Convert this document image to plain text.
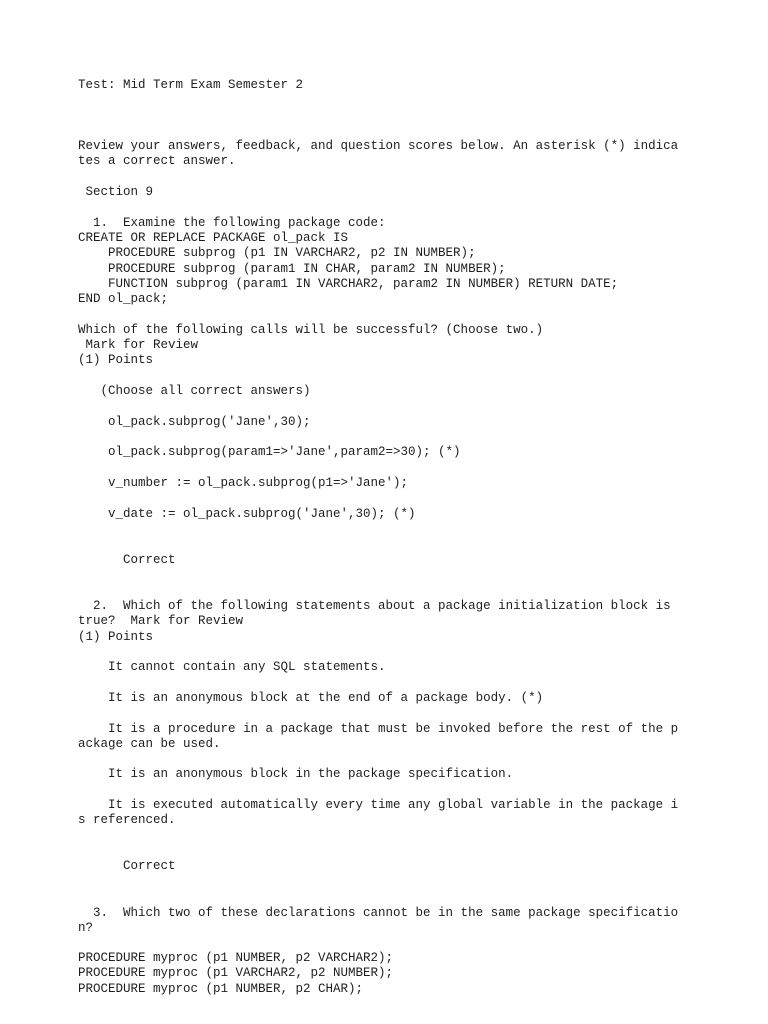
Test: Mid Term Exam Semester 2
Review your answers, feedback, and question scores below. An asterisk (*) indica
tes a correct answer.
Section 9
1.  Examine the following package code:
CREATE OR REPLACE PACKAGE ol_pack IS
PROCEDURE subprog (p1 IN VARCHAR2, p2 IN NUMBER);
PROCEDURE subprog (param1 IN CHAR, param2 IN NUMBER);
FUNCTION subprog (param1 IN VARCHAR2, param2 IN NUMBER) RETURN DATE;
END ol_pack;
Which of the following calls will be successful? (Choose two.)
Mark for Review
(1) Points
(Choose all correct answers)
ol_pack.subprog('Jane',30);
ol_pack.subprog(param1=>'Jane',param2=>30); (*)
v_number := ol_pack.subprog(p1=>'Jane');
v_date := ol_pack.subprog('Jane',30); (*)
Correct
2.  Which of the following statements about a package initialization block is
true?  Mark for Review
(1) Points
It cannot contain any SQL statements.
It is an anonymous block at the end of a package body. (*)
It is a procedure in a package that must be invoked before the rest of the p
ackage can be used.
It is an anonymous block in the package specification.
It is executed automatically every time any global variable in the package i
s referenced.
Correct
3.  Which two of these declarations cannot be in the same package specificatio
n?
PROCEDURE myproc (p1 NUMBER, p2 VARCHAR2);
PROCEDURE myproc (p1 VARCHAR2, p2 NUMBER);
PROCEDURE myproc (p1 NUMBER, p2 CHAR);
